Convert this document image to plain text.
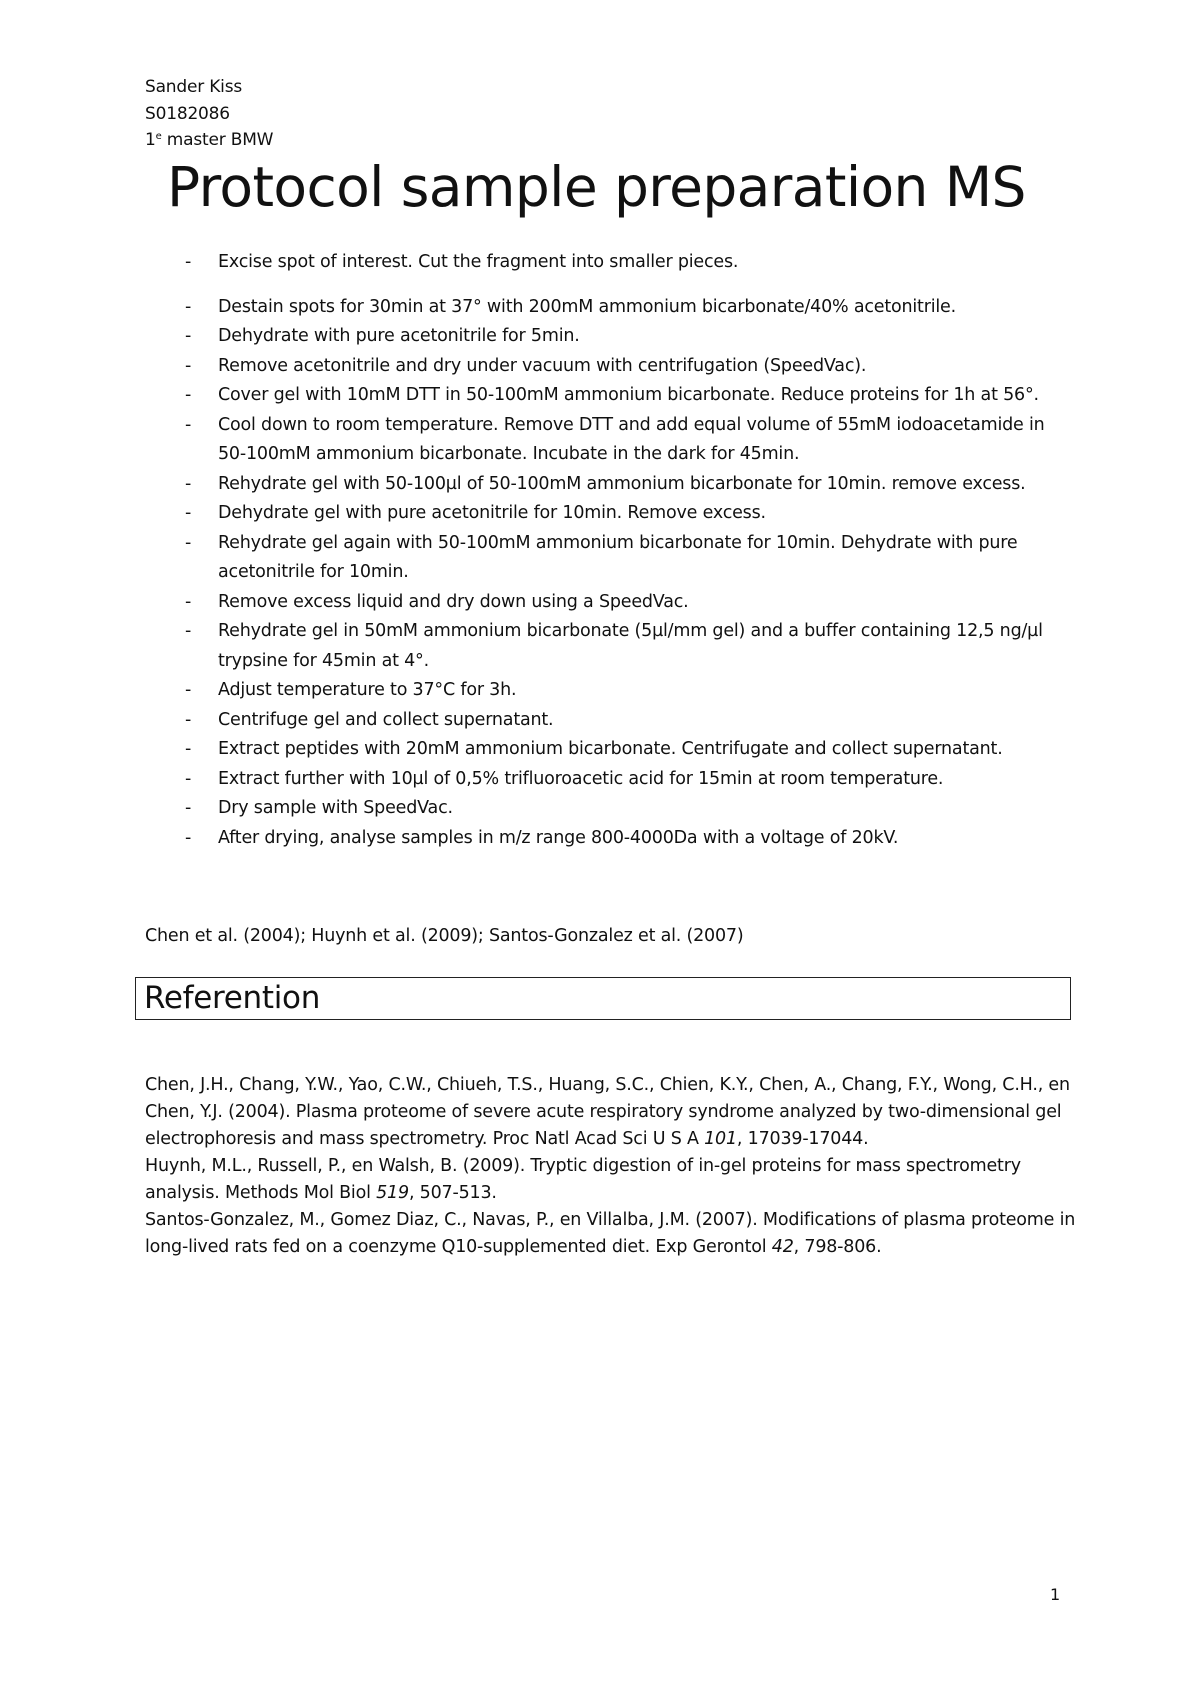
Sander Kiss
S0182086
1e master BMW
Protocol sample preparation MS
- Excise spot of interest. Cut the fragment into smaller pieces.
- Destain spots for 30min at 37° with 200mM ammonium bicarbonate/40% acetonitrile.
- Dehydrate with pure acetonitrile for 5min.
- Remove acetonitrile and dry under vacuum with centrifugation (SpeedVac).
- Cover gel with 10mM DTT in 50-100mM ammonium bicarbonate. Reduce proteins for 1h at 56°.
- Cool down to room temperature. Remove DTT and add equal volume of 55mM iodoacetamide in 50-100mM ammonium bicarbonate. Incubate in the dark for 45min.
- Rehydrate gel with 50-100µl of 50-100mM ammonium bicarbonate for 10min. remove excess.
- Dehydrate gel with pure acetonitrile for 10min. Remove excess.
- Rehydrate gel again with 50-100mM ammonium bicarbonate for 10min. Dehydrate with pure acetonitrile for 10min.
- Remove excess liquid and dry down using a SpeedVac.
- Rehydrate gel in 50mM ammonium bicarbonate (5µl/mm gel) and a buffer containing 12,5 ng/µl trypsine for 45min at 4°.
- Adjust temperature to 37°C for 3h.
- Centrifuge gel and collect supernatant.
- Extract peptides with 20mM ammonium bicarbonate. Centrifugate and collect supernatant.
- Extract further with 10µl of 0,5% trifluoroacetic acid for 15min at room temperature.
- Dry sample with SpeedVac.
- After drying, analyse samples in m/z range 800-4000Da with a voltage of 20kV.
Chen et al. (2004); Huynh et al. (2009); Santos-Gonzalez et al. (2007)
Referention

Chen, J.H., Chang, Y.W., Yao, C.W., Chiueh, T.S., Huang, S.C., Chien, K.Y., Chen, A., Chang, F.Y., Wong, C.H., en Chen, Y.J. (2004). Plasma proteome of severe acute respiratory syndrome analyzed by two-dimensional gel electrophoresis and mass spectrometry. Proc Natl Acad Sci U S A 101, 17039-17044.

Huynh, M.L., Russell, P., en Walsh, B. (2009). Tryptic digestion of in-gel proteins for mass spectrometry analysis. Methods Mol Biol 519, 507-513.

Santos-Gonzalez, M., Gomez Diaz, C., Navas, P., en Villalba, J.M. (2007). Modifications of plasma proteome in long-lived rats fed on a coenzyme Q10-supplemented diet. Exp Gerontol 42, 798-806.

1
